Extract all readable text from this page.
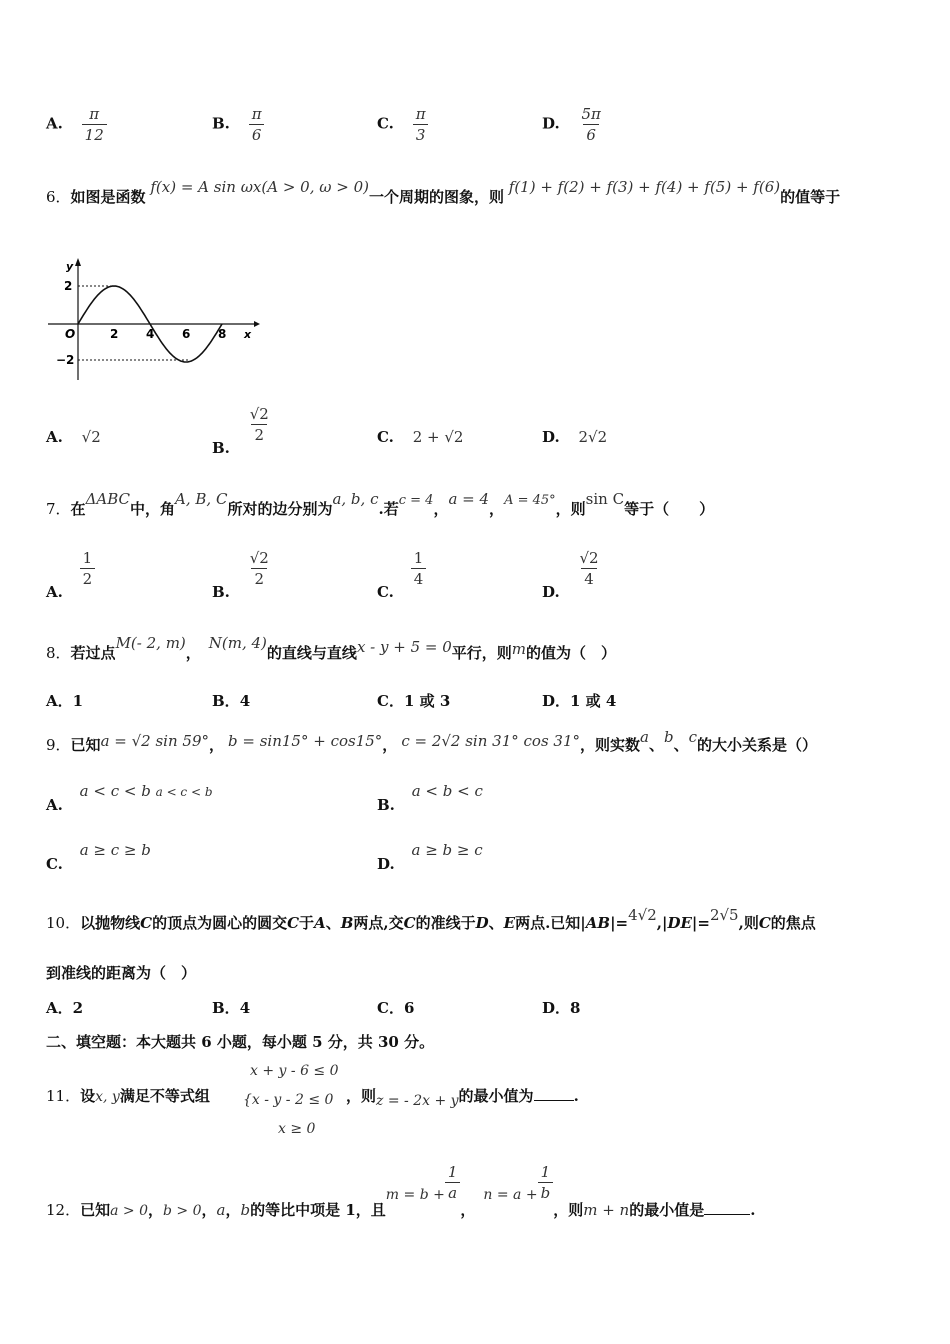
A. $\frac{\pi}{12}$	B. $\frac{\pi}{6}$	C. $\frac{\pi}{3}$	D. $\frac{5\pi}{6}$
6．如图是函数 f(x) = A sin ωx(A > 0, ω > 0)一个周期的图象，则 f(1) + f(2) + f(3) + f(4) + f(5) + f(6)的值等于
y
x
O
2
−2
2 4 6 8
A. √2
B.
$\frac{√2}{2}$	C. 2 + √2	D. 2√2
7．在ΔABC中，角A, B, C所对的边分别为a, b, c.若c = 4，a = 4，A = 45°，则sin C等于（　　）
A.
$\frac{1}{2}$
B.
$\frac{√2}{2}$
C.
$\frac{1}{4}$
D.
$\frac{√2}{4}$
8．若过点M(- 2, m)，N(m, 4)的直线与直线x - y + 5 = 0平行，则m的值为（　）
A．1	B．4	C．1 或 3	D．1 或 4
9．已知a = √2 sin 59°， b = sin15° + cos15°， c = 2√2 sin 31° cos 31°，则实数a、b、c的大小关系是（）
A. a < c < b a < c < b
B. a < b < c
C. a ≥ c ≥ b
D. a ≥ b ≥ c
10．以抛物线C的顶点为圆心的圆交C于A、B两点,交C的准线于D、E两点.已知|AB|=4√2,|DE|=2√5,则C的焦点
到准线的距离为（　）
A．2	B．4	C．6	D．8
二、填空题：本大题共 6 小题，每小题 5 分，共 30 分。
11．设x, y满足不等式组
x + y - 6 ≤ 0
{x - y - 2 ≤ 0
x ≥ 0
，则z = - 2x + y的最小值为	.
12．已知a > 0，b > 0，a，b的等比中项是 1，且$m = b + \frac{1}{a}$
，$n = a + \frac{1}{b}$
，则m + n的最小值是	.
